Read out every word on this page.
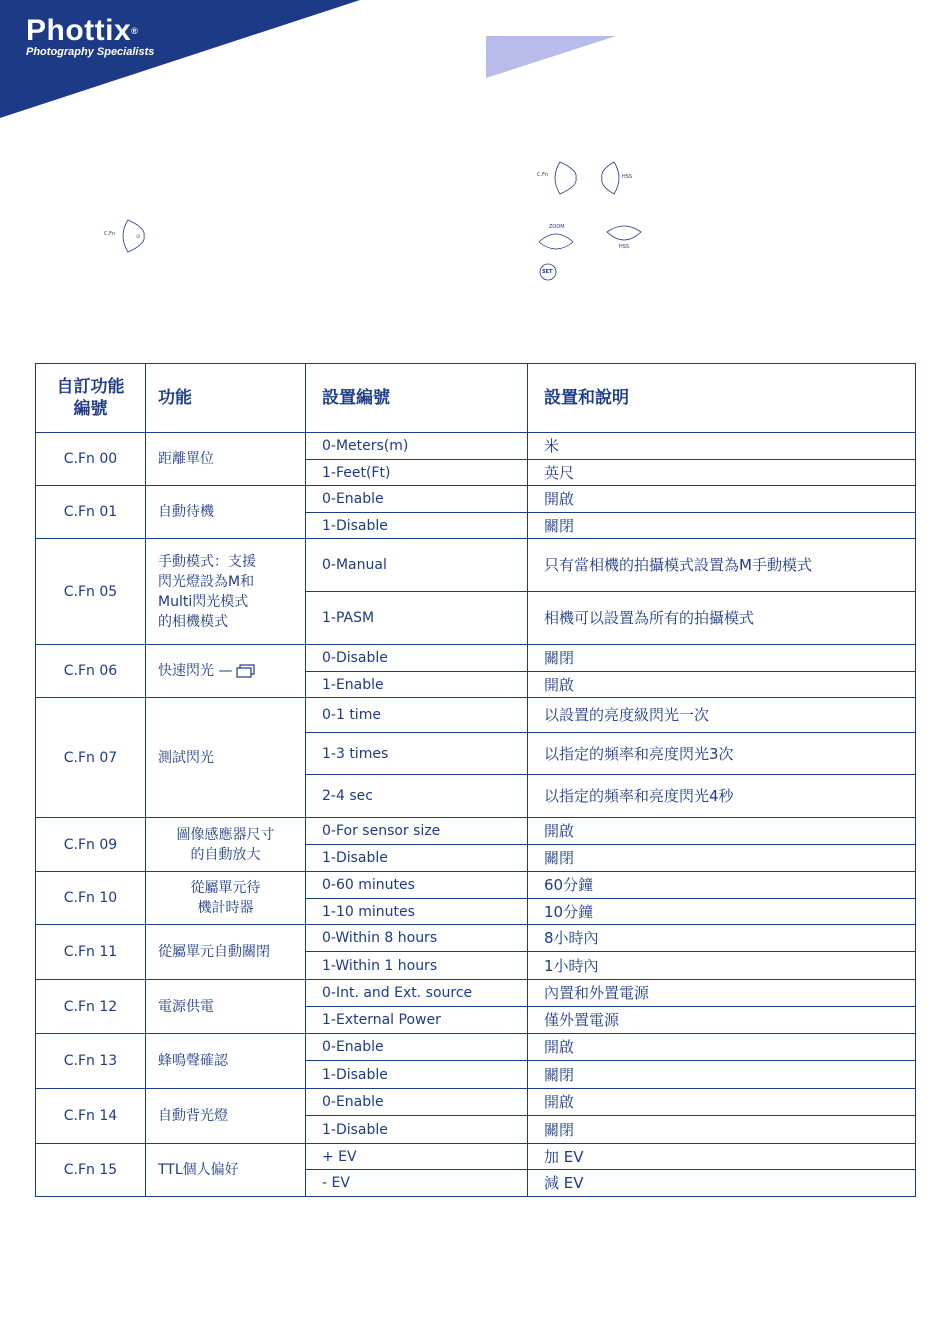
Phottix®
Photography Specialists
C.Fn	⊙
C.Fn	HSS
ZOOM
HSS
SET
自訂功能
編號	功能	設置編號	設置和說明
C.Fn 00	距離單位	0-Meters(m)	米
		1-Feet(Ft)	英尺
C.Fn 01	自動待機	0-Enable	開啟
		1-Disable	關閉
C.Fn 05	手動模式：支援
閃光燈設為M和
Multi閃光模式
的相機模式	0-Manual	只有當相機的拍攝模式設置為M手動模式
		1-PASM	相機可以設置為所有的拍攝模式
C.Fn 06	快速閃光 —	0-Disable	關閉
		1-Enable	開啟
C.Fn 07	測試閃光	0-1 time	以設置的亮度級閃光一次
		1-3 times	以指定的頻率和亮度閃光3次
		2-4 sec	以指定的頻率和亮度閃光4秒
C.Fn 09	圖像感應器尺寸
的自動放大	0-For sensor size	開啟
		1-Disable	關閉
C.Fn 10	從屬單元待
機計時器	0-60 minutes	60分鐘
		1-10 minutes	10分鐘
C.Fn 11	從屬單元自動關閉	0-Within 8 hours	8小時內
		1-Within 1 hours	1小時內
C.Fn 12	電源供電	0-Int. and Ext. source	內置和外置電源
		1-External Power	僅外置電源
C.Fn 13	蜂鳴聲確認	0-Enable	開啟
		1-Disable	關閉
C.Fn 14	自動背光燈	0-Enable	開啟
		1-Disable	關閉
C.Fn 15	TTL個人偏好	+ EV	加 EV
		- EV	減 EV
